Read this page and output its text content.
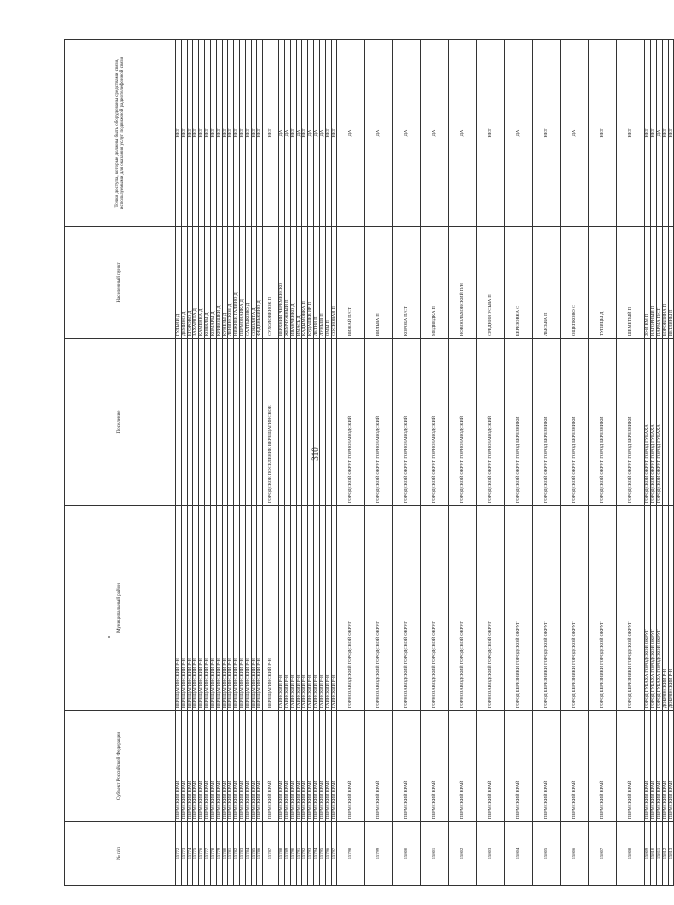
310
№ п/п	Субъект Российской Федерации	Муниципальный район	Поселение	Населенный пункт	Точки доступа, которые должны быть оборудованы средствами связи, используемыми для оказания услуг подвижной радиотелефонной связи
15772	ПЕРМСКИЙ КРАЙ	ВЕРЕЩАГИНСКИЙ Р-Н		ГУЛЬНИ Д	НЕТ
15773	ПЕРМСКИЙ КРАЙ	ВЕРЕЩАГИНСКИЙ Р-Н		ДЕМИНО Д	НЕТ
15774	ПЕРМСКИЙ КРАЙ	ВЕРЕЩАГИНСКИЙ Р-Н		ЕГОРОВО Д	НЕТ
15775	ПЕРМСКИЙ КРАЙ	ВЕРЕЩАГИНСКИЙ Р-Н		ЗАХАРЯТА Д	НЕТ
15776	ПЕРМСКИЙ КРАЙ	ВЕРЕЩАГИНСКИЙ Р-Н		КАМЕНКА Д	НЕТ
15777	ПЕРМСКИЙ КРАЙ	ВЕРЕЩАГИНСКИЙ Р-Н		КОВЯЛЫ Д	НЕТ
15778	ПЕРМСКИЙ КРАЙ	ВЕРЕЩАГИНСКИЙ Р-Н		КОМАРЫ Д	НЕТ
15779	ПЕРМСКИЙ КРАЙ	ВЕРЕЩАГИНСКИЙ Р-Н		КРИВОШЕИ Д	НЕТ
15780	ПЕРМСКИЙ КРАЙ	ВЕРЕЩАГИНСКИЙ Р-Н		КУНЕЗЫ Д	НЕТ
15781	ПЕРМСКИЙ КРАЙ	ВЕРЕЩАГИНСКИЙ Р-Н		ЛЕНИНСКОЕ Д	НЕТ
15782	ПЕРМСКИЙ КРАЙ	ВЕРЕЩАГИНСКИЙ Р-Н		НИЖНЕЕ ГАЛИНО Д	НЕТ
15783	ПЕРМСКИЙ КРАЙ	ВЕРЕЩАГИНСКИЙ Р-Н		ПЕРМОНАЙКА Д	НЕТ
15784	ПЕРМСКИЙ КРАЙ	ВЕРЕЩАГИНСКИЙ Р-Н		САЛТЫКОВО Д	НЕТ
15785	ПЕРМСКИЙ КРАЙ	ВЕРЕЩАГИНСКИЙ Р-Н		СОБОЛЯТА Д	НЕТ
15786	ПЕРМСКИЙ КРАЙ	ВЕРЕЩАГИНСКИЙ Р-Н		ФЕДЕНЬКИНО Д	НЕТ
15787	ПЕРМСКИЙ КРАЙ	ВЕРЕЩАГИНСКИЙ Р-Н	ГОРОДСКОЕ ПОСЕЛЕНИЕ ВЕРЕЩАГИНСКОЕ	СУХОЛОВЕНОК П	НЕТ
15788	ПЕРМСКИЙ КРАЙ	ГАЙНСКИЙ Р-Н		ВЕРХНИЙ ЧЕРЕМЕНСКО	ДА
15789	ПЕРМСКИЙ КРАЙ	ГАЙНСКИЙ Р-Н		ЖЕМЧУЖНЫЙ П	ДА
15790	ПЕРМСКИЙ КРАЙ	ГАЙНСКИЙ Р-Н		ИВАНЧЕНКО Д	НЕТ
15791	ПЕРМСКИЙ КРАЙ	ГАЙНСКИЙ Р-Н		ИМАСЬ Д	ДА
15792	ПЕРМСКИЙ КРАЙ	ГАЙНСКИЙ Р-Н		КАДЫМОВКА П	НЕТ
15793	ПЕРМСКИЙ КРАЙ	ГАЙНСКИЙ Р-Н		КУДАШЕВ ЯР П	ДА
15794	ПЕРМСКИЙ КРАЙ	ГАЙНСКИЙ Р-Н		ЛЕТНЯ П	ДА
15795	ПЕРМСКИЙ КРАЙ	ГАЙНСКИЙ Р-Н		ЛУНЬЕВ П	ДА
15796	ПЕРМСКИЙ КРАЙ	ГАЙНСКИЙ Р-Н		ОМЫ П	НЕТ
15797	ПЕРМСКИЙ КРАЙ	ГАЙНСКИЙ Р-Н		СОСНОВАЯ П	НЕТ
15798	ПЕРМСКИЙ КРАЙ	ГОРНОЗАВОДСКИЙ ГОРОДСКОЙ ОКРУГ	ГОРОДСКОЙ ОКРУГ ГОРНОЗАВОДСКИЙ	ВИЖАЙ П/СТ	ДА
15799	ПЕРМСКИЙ КРАЙ	ГОРНОЗАВОДСКИЙ ГОРОДСКОЙ ОКРУГ	ГОРОДСКОЙ ОКРУГ ГОРНОЗАВОДСКИЙ	ВИЛЬВА П	ДА
15800	ПЕРМСКИЙ КРАЙ	ГОРНОЗАВОДСКИЙ ГОРОДСКОЙ ОКРУГ	ГОРОДСКОЙ ОКРУГ ГОРНОЗАВОДСКИЙ	КОРОБА П/СТ	ДА
15801	ПЕРМСКИЙ КРАЙ	ГОРНОЗАВОДСКИЙ ГОРОДСКОЙ ОКРУГ	ГОРОДСКОЙ ОКРУГ ГОРНОЗАВОДСКИЙ	МЕДВЕДКА П	ДА
15802	ПЕРМСКИЙ КРАЙ	ГОРНОЗАВОДСКИЙ ГОРОДСКОЙ ОКРУГ	ГОРОДСКОЙ ОКРУГ ГОРНОЗАВОДСКИЙ	НОВООЛЬХОВСКИЙ П/Н	ДА
15803	ПЕРМСКИЙ КРАЙ	ГОРНОЗАВОДСКИЙ ГОРОДСКОЙ ОКРУГ	ГОРОДСКОЙ ОКРУГ ГОРНОЗАВОДСКИЙ	СРЕДНЯЯ УСЬВА П	НЕТ
15804	ПЕРМСКИЙ КРАЙ	ГОРОД БЕРЕЗНИКИ ГОРОДСКОЙ ОКРУГ	ГОРОДСКОЙ ОКРУГ ГОРОД БЕРЕЗНИКИ	БЕРЕЗОВКА С	ДА
15805	ПЕРМСКИЙ КРАЙ	ГОРОД БЕРЕЗНИКИ ГОРОДСКОЙ ОКРУГ	ГОРОДСКОЙ ОКРУГ ГОРОД БЕРЕЗНИКИ	ЛЫСЬВА П	НЕТ
15806	ПЕРМСКИЙ КРАЙ	ГОРОД БЕРЕЗНИКИ ГОРОДСКОЙ ОКРУГ	ГОРОДСКОЙ ОКРУГ ГОРОД БЕРЕЗНИКИ	ОЩЕПКОВО С	ДА
15807	ПЕРМСКИЙ КРАЙ	ГОРОД БЕРЕЗНИКИ ГОРОДСКОЙ ОКРУГ	ГОРОДСКОЙ ОКРУГ ГОРОД БЕРЕЗНИКИ	ТУПИЦЫ Д	НЕТ
15808	ПЕРМСКИЙ КРАЙ	ГОРОД БЕРЕЗНИКИ ГОРОДСКОЙ ОКРУГ	ГОРОДСКОЙ ОКРУГ ГОРОД БЕРЕЗНИКИ	ШЕМЕТЫЙ П	НЕТ
15809	ПЕРМСКИЙ КРАЙ	ГОРОД ГУБАХА ГОРОДСКОЙ ОКРУГ	ГОРОДСКОЙ ОКРУГ ГОРОД ГУБАХА	20-Й КМ П	НЕТ
15810	ПЕРМСКИЙ КРАЙ	ГОРОД ГУБАХА ГОРОДСКОЙ ОКРУГ	ГОРОДСКОЙ ОКРУГ ГОРОД ГУБАХА	НАГОРНЫЙ П	НЕТ
15811	ПЕРМСКИЙ КРАЙ	ГОРОД ГУБАХА ГОРОДСКОЙ ОКРУГ	ГОРОДСКОЙ ОКРУГ ГОРОД ГУБАХА	ПАРМА П/СТ	ДА
15812	ПЕРМСКИЙ КРАЙ	ДОБРЯНСКИЙ Р-Н		БОРОВЛЯНА П	НЕТ
15813	ПЕРМСКИЙ КРАЙ	ДОБРЯНСКИЙ Р-Н		ВЕТЛЯНЫ П	НЕТ
